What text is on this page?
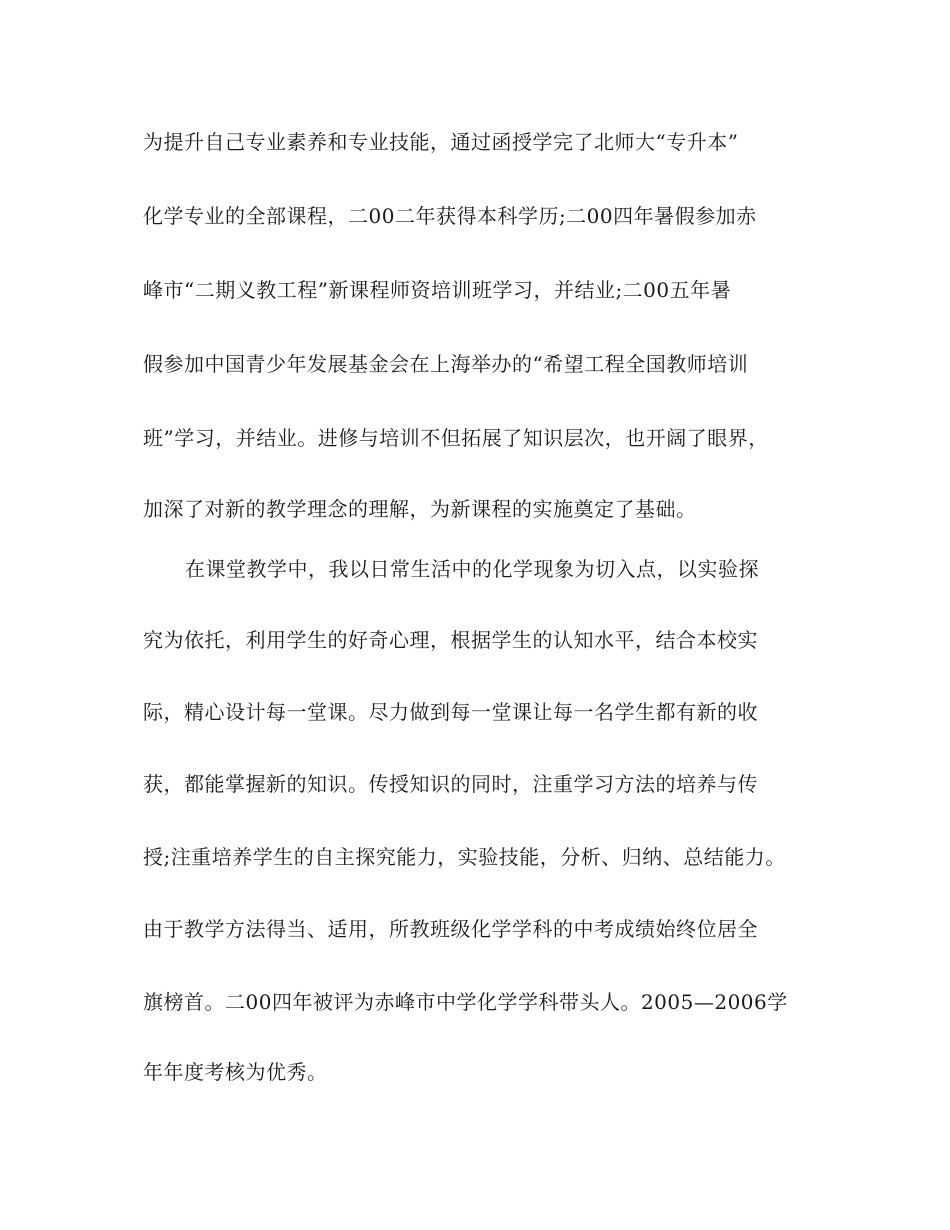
为提升自己专业素养和专业技能，通过函授学完了北师大“专升本”
化学专业的全部课程，二00二年获得本科学历;二00四年暑假参加赤
峰市“二期义教工程”新课程师资培训班学习，并结业;二00五年暑
假参加中国青少年发展基金会在上海举办的“希望工程全国教师培训
班”学习，并结业。进修与培训不但拓展了知识层次，也开阔了眼界，
加深了对新的教学理念的理解，为新课程的实施奠定了基础。
在课堂教学中，我以日常生活中的化学现象为切入点，以实验探
究为依托，利用学生的好奇心理，根据学生的认知水平，结合本校实
际，精心设计每一堂课。尽力做到每一堂课让每一名学生都有新的收
获，都能掌握新的知识。传授知识的同时，注重学习方法的培养与传
授;注重培养学生的自主探究能力，实验技能，分析、归纳、总结能力。
由于教学方法得当、适用，所教班级化学学科的中考成绩始终位居全
旗榜首。二00四年被评为赤峰市中学化学学科带头人。2005—2006学
年年度考核为优秀。
